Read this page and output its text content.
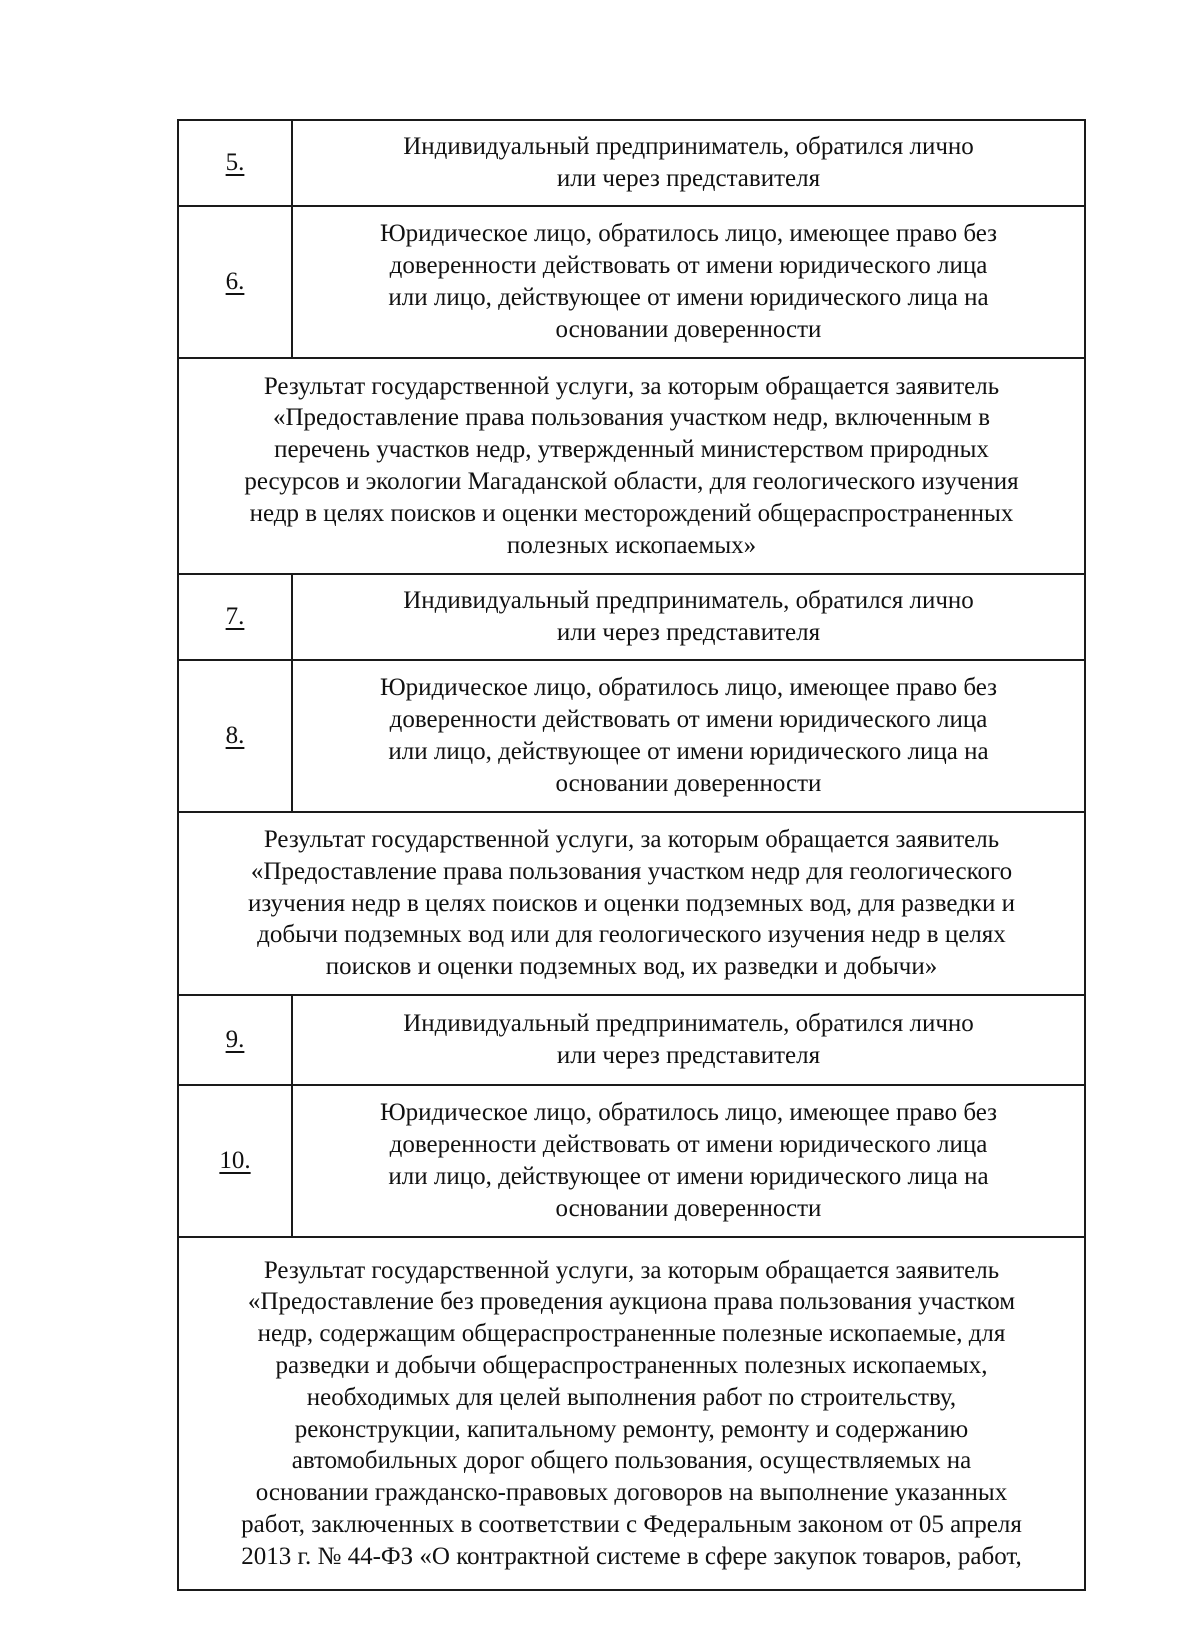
5.
Индивидуальный предприниматель, обратился лично
или через представителя
6.
Юридическое лицо, обратилось лицо, имеющее право без
доверенности действовать от имени юридического лица
или лицо, действующее от имени юридического лица на
основании доверенности
Результат государственной услуги, за которым обращается заявитель
«Предоставление права пользования участком недр, включенным в
перечень участков недр, утвержденный министерством природных
ресурсов и экологии Магаданской области, для геологического изучения
недр в целях поисков и оценки месторождений общераспространенных
полезных ископаемых»
7.
Индивидуальный предприниматель, обратился лично
или через представителя
8.
Юридическое лицо, обратилось лицо, имеющее право без
доверенности действовать от имени юридического лица
или лицо, действующее от имени юридического лица на
основании доверенности
Результат государственной услуги, за которым обращается заявитель
«Предоставление права пользования участком недр для геологического
изучения недр в целях поисков и оценки подземных вод, для разведки и
добычи подземных вод или для геологического изучения недр в целях
поисков и оценки подземных вод, их разведки и добычи»
9.
Индивидуальный предприниматель, обратился лично
или через представителя
10.
Юридическое лицо, обратилось лицо, имеющее право без
доверенности действовать от имени юридического лица
или лицо, действующее от имени юридического лица на
основании доверенности
Результат государственной услуги, за которым обращается заявитель
«Предоставление без проведения аукциона права пользования участком
недр, содержащим общераспространенные полезные ископаемые, для
разведки и добычи общераспространенных полезных ископаемых,
необходимых для целей выполнения работ по строительству,
реконструкции, капитальному ремонту, ремонту и содержанию
автомобильных дорог общего пользования, осуществляемых на
основании гражданско-правовых договоров на выполнение указанных
работ, заключенных в соответствии с Федеральным законом от 05 апреля
2013 г. № 44-ФЗ «О контрактной системе в сфере закупок товаров, работ,
